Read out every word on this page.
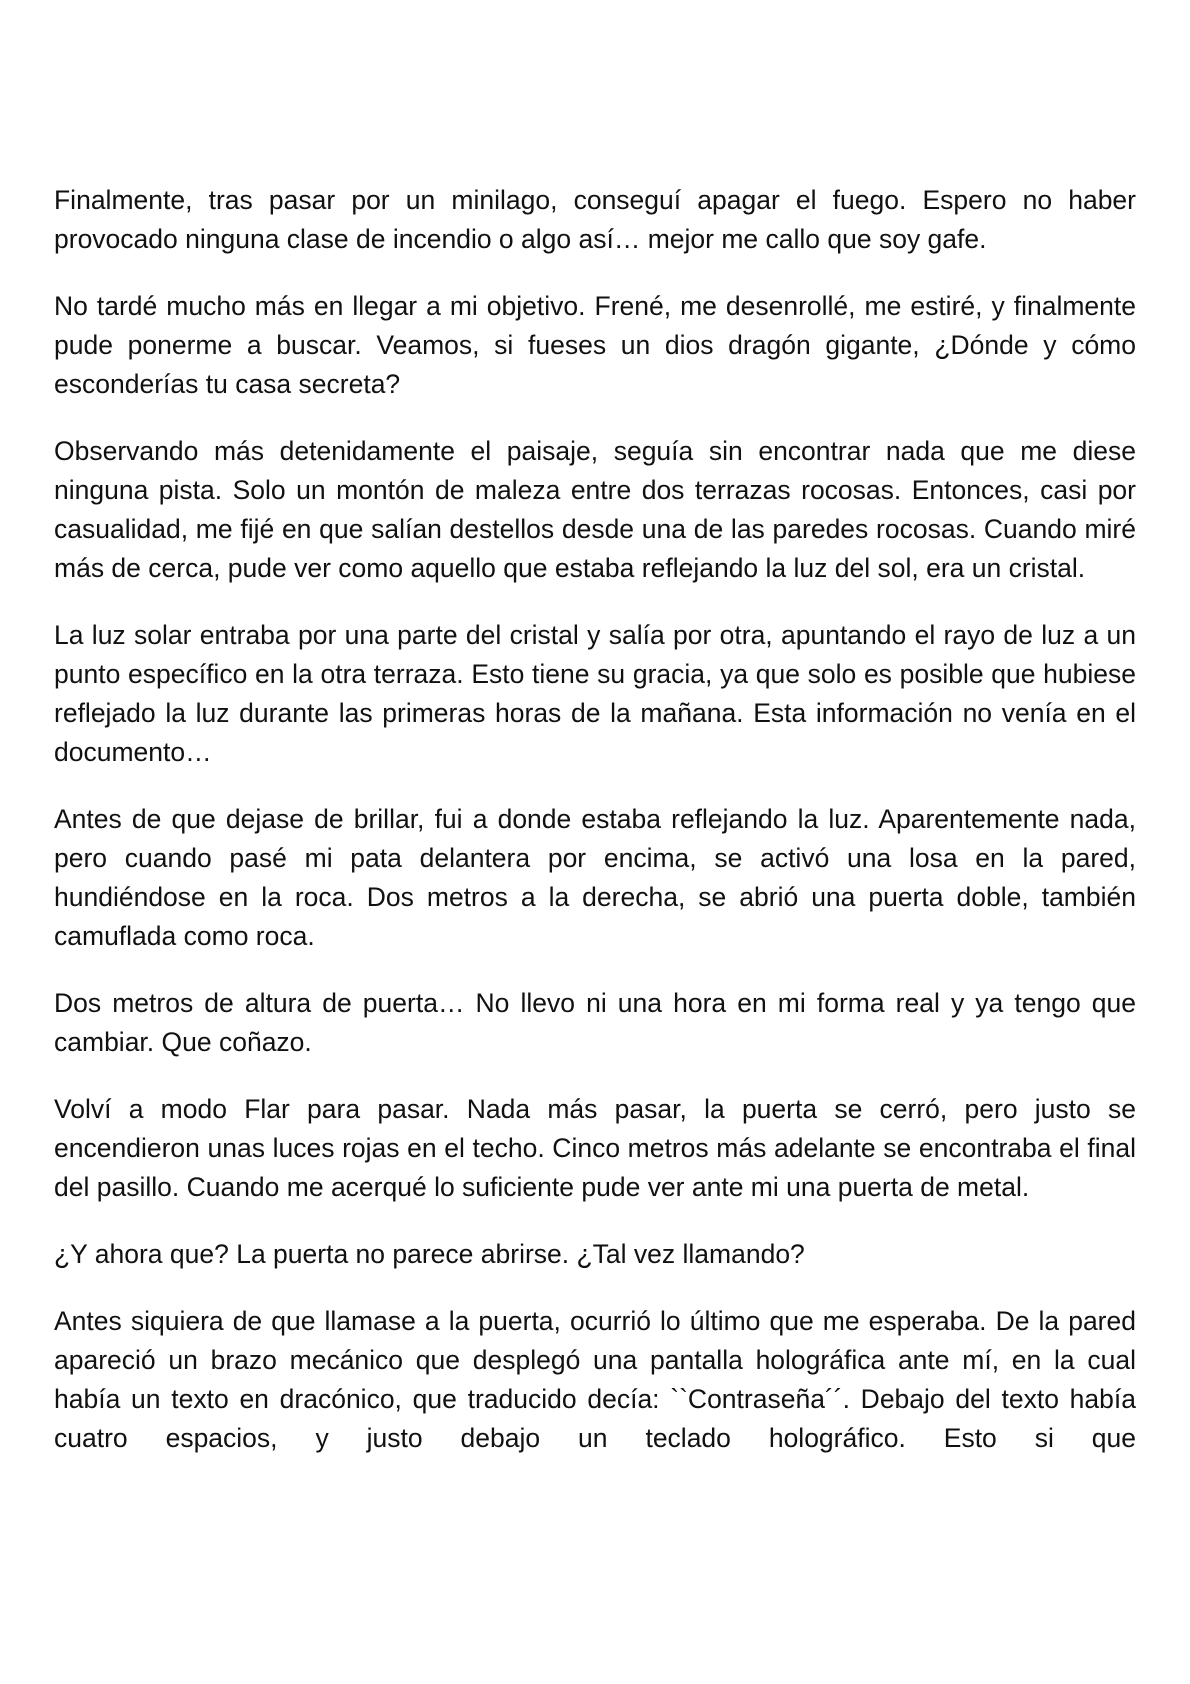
Finalmente, tras pasar por un minilago, conseguí apagar el fuego. Espero no haber provocado ninguna clase de incendio o algo así… mejor me callo que soy gafe.

No tardé mucho más en llegar a mi objetivo. Frené, me desenrollé, me estiré, y finalmente pude ponerme a buscar. Veamos, si fueses un dios dragón gigante, ¿Dónde y cómo esconderías tu casa secreta?

Observando más detenidamente el paisaje, seguía sin encontrar nada que me diese ninguna pista. Solo un montón de maleza entre dos terrazas rocosas. Entonces, casi por casualidad, me fijé en que salían destellos desde una de las paredes rocosas. Cuando miré más de cerca, pude ver como aquello que estaba reflejando la luz del sol, era un cristal.

La luz solar entraba por una parte del cristal y salía por otra, apuntando el rayo de luz a un punto específico en la otra terraza. Esto tiene su gracia, ya que solo es posible que hubiese reflejado la luz durante las primeras horas de la mañana. Esta información no venía en el documento…

Antes de que dejase de brillar, fui a donde estaba reflejando la luz. Aparentemente nada, pero cuando pasé mi pata delantera por encima, se activó una losa en la pared, hundiéndose en la roca. Dos metros a la derecha, se abrió una puerta doble, también camuflada como roca.

Dos metros de altura de puerta… No llevo ni una hora en mi forma real y ya tengo que cambiar. Que coñazo.

Volví a modo Flar para pasar. Nada más pasar, la puerta se cerró, pero justo se encendieron unas luces rojas en el techo. Cinco metros más adelante se encontraba el final del pasillo. Cuando me acerqué lo suficiente pude ver ante mi una puerta de metal.

¿Y ahora que? La puerta no parece abrirse. ¿Tal vez llamando?

Antes siquiera de que llamase a la puerta, ocurrió lo último que me esperaba. De la pared apareció un brazo mecánico que desplegó una pantalla holográfica ante mí, en la cual había un texto en dracónico, que traducido decía: ``Contraseña´´. Debajo del texto había cuatro espacios, y justo debajo un teclado holográfico. Esto si que
